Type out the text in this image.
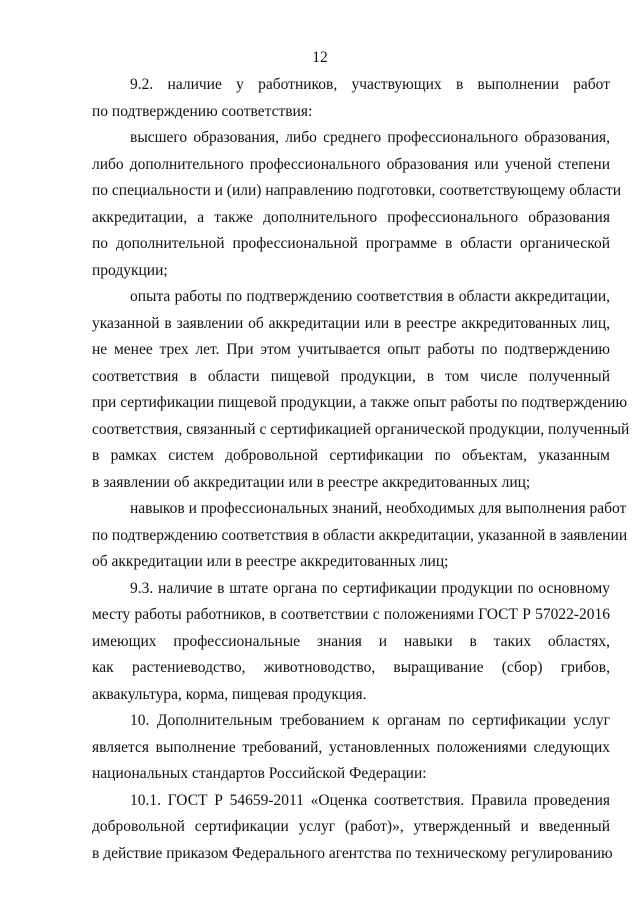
12

9.2. наличие у работников, участвующих в выполнении работ
по подтверждению соответствия:

высшего образования, либо среднего профессионального образования,
либо дополнительного профессионального образования или ученой степени
по специальности и (или) направлению подготовки, соответствующему области
аккредитации, а также дополнительного профессионального образования
по дополнительной профессиональной программе в области органической
продукции;

опыта работы по подтверждению соответствия в области аккредитации,
указанной в заявлении об аккредитации или в реестре аккредитованных лиц,
не менее трех лет. При этом учитывается опыт работы по подтверждению
соответствия в области пищевой продукции, в том числе полученный
при сертификации пищевой продукции, а также опыт работы по подтверждению
соответствия, связанный с сертификацией органической продукции, полученный
в рамках систем добровольной сертификации по объектам, указанным
в заявлении об аккредитации или в реестре аккредитованных лиц;

навыков и профессиональных знаний, необходимых для выполнения работ
по подтверждению соответствия в области аккредитации, указанной в заявлении
об аккредитации или в реестре аккредитованных лиц;

9.3. наличие в штате органа по сертификации продукции по основному
месту работы работников, в соответствии с положениями ГОСТ Р 57022-2016
имеющих профессиональные знания и навыки в таких областях,
как растениеводство, животноводство, выращивание (сбор) грибов,
аквакультура, корма, пищевая продукция.

10. Дополнительным требованием к органам по сертификации услуг
является выполнение требований, установленных положениями следующих
национальных стандартов Российской Федерации:

10.1. ГОСТ Р 54659-2011 «Оценка соответствия. Правила проведения
добровольной сертификации услуг (работ)», утвержденный и введенный
в действие приказом Федерального агентства по техническому регулированию
